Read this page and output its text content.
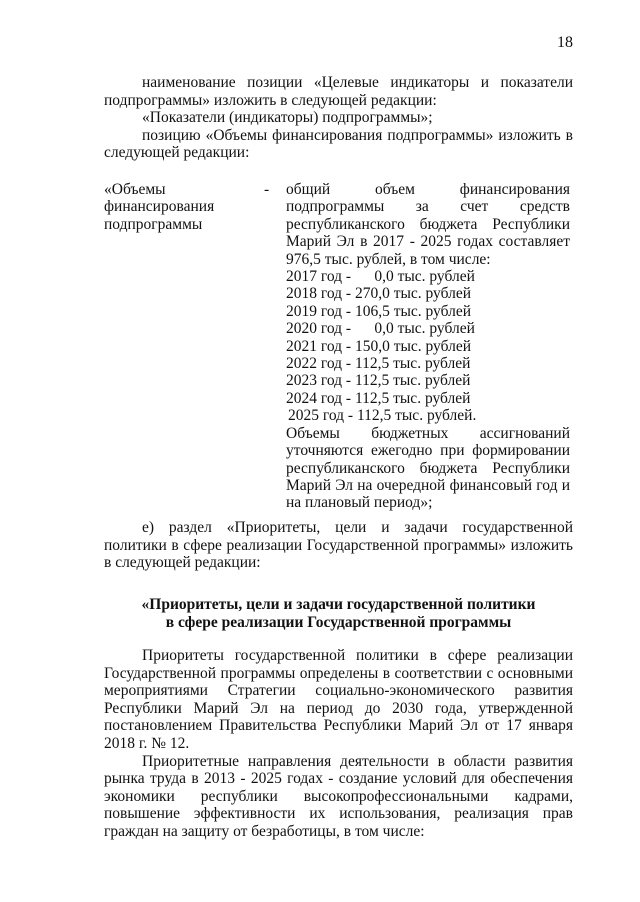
18

наименование позиции «Целевые индикаторы и показатели подпрограммы» изложить в следующей редакции:

«Показатели (индикаторы) подпрограммы»;

позицию «Объемы финансирования подпрограммы» изложить в следующей редакции:

«Объемы финансирования подпрограммы
- общий объем финансирования подпрограммы за счет средств республиканского бюджета Республики Марий Эл в 2017 - 2025 годах составляет 976,5 тыс. рублей, в том числе:

2017 год -      0,0 тыс. рублей
2018 год - 270,0 тыс. рублей
2019 год - 106,5 тыс. рублей
2020 год -      0,0 тыс. рублей
2021 год - 150,0 тыс. рублей
2022 год - 112,5 тыс. рублей
2023 год - 112,5 тыс. рублей
2024 год - 112,5 тыс. рублей
2025 год - 112,5 тыс. рублей.

Объемы бюджетных ассигнований уточняются ежегодно при формировании республиканского бюджета Республики Марий Эл на очередной финансовый год и на плановый период»;

е) раздел «Приоритеты, цели и задачи государственной политики в сфере реализации Государственной программы» изложить в следующей редакции:

«Приоритеты, цели и задачи государственной политики
в сфере реализации Государственной программы

Приоритеты государственной политики в сфере реализации Государственной программы определены в соответствии с основными мероприятиями Стратегии социально-экономического развития Республики Марий Эл на период до 2030 года, утвержденной постановлением Правительства Республики Марий Эл от 17 января 2018 г. № 12.

Приоритетные направления деятельности в области развития рынка труда в 2013 - 2025 годах - создание условий для обеспечения экономики республики высокопрофессиональными кадрами, повышение эффективности их использования, реализация прав граждан на защиту от безработицы, в том числе:
